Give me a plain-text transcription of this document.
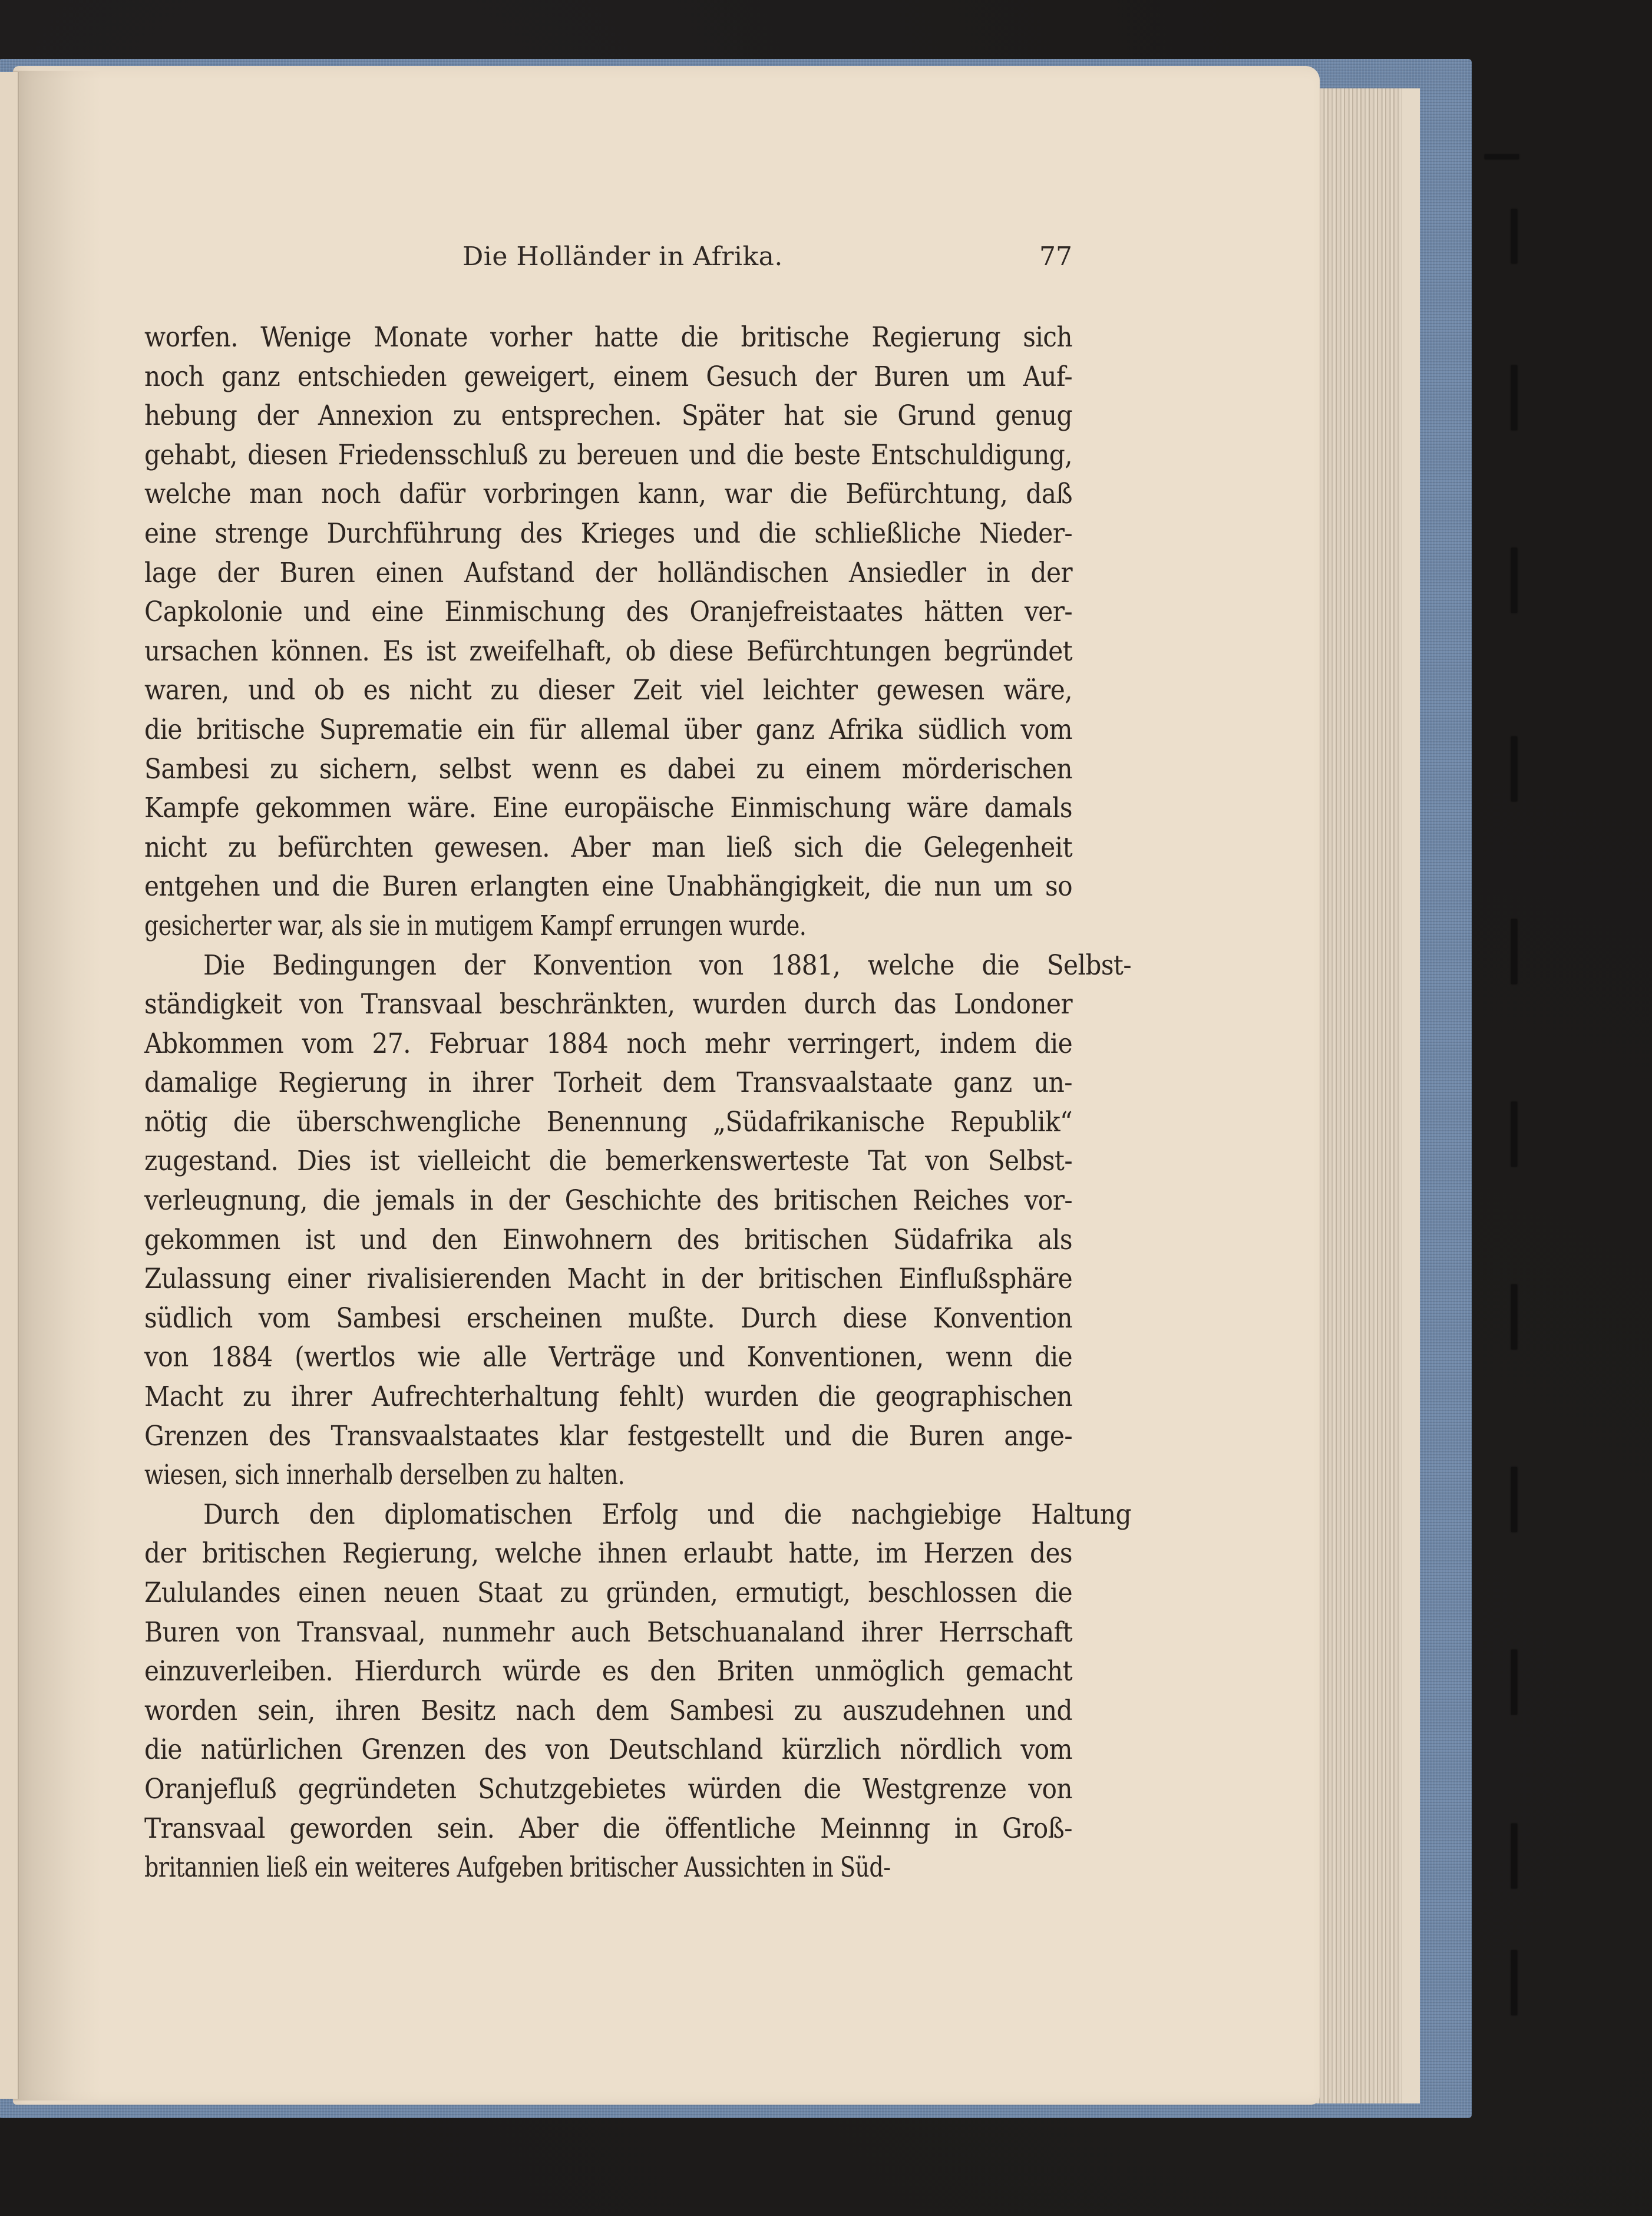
Die Holländer in Afrika.	77
worfen. Wenige Monate vorher hatte die britische Regierung sich
noch ganz entschieden geweigert, einem Gesuch der Buren um Auf-
hebung der Annexion zu entsprechen. Später hat sie Grund genug
gehabt, diesen Friedensschluß zu bereuen und die beste Entschuldigung,
welche man noch dafür vorbringen kann, war die Befürchtung, daß
eine strenge Durchführung des Krieges und die schließliche Nieder-
lage der Buren einen Aufstand der holländischen Ansiedler in der
Capkolonie und eine Einmischung des Oranjefreistaates hätten ver-
ursachen können. Es ist zweifelhaft, ob diese Befürchtungen begründet
waren, und ob es nicht zu dieser Zeit viel leichter gewesen wäre,
die britische Suprematie ein für allemal über ganz Afrika südlich vom
Sambesi zu sichern, selbst wenn es dabei zu einem mörderischen
Kampfe gekommen wäre. Eine europäische Einmischung wäre damals
nicht zu befürchten gewesen. Aber man ließ sich die Gelegenheit
entgehen und die Buren erlangten eine Unabhängigkeit, die nun um so
gesicherter war, als sie in mutigem Kampf errungen wurde.
Die Bedingungen der Konvention von 1881, welche die Selbst-
ständigkeit von Transvaal beschränkten, wurden durch das Londoner
Abkommen vom 27. Februar 1884 noch mehr verringert, indem die
damalige Regierung in ihrer Torheit dem Transvaalstaate ganz un-
nötig die überschwengliche Benennung „Südafrikanische Republik“
zugestand. Dies ist vielleicht die bemerkenswerteste Tat von Selbst-
verleugnung, die jemals in der Geschichte des britischen Reiches vor-
gekommen ist und den Einwohnern des britischen Südafrika als
Zulassung einer rivalisierenden Macht in der britischen Einflußsphäre
südlich vom Sambesi erscheinen mußte. Durch diese Konvention
von 1884 (wertlos wie alle Verträge und Konventionen, wenn die
Macht zu ihrer Aufrechterhaltung fehlt) wurden die geographischen
Grenzen des Transvaalstaates klar festgestellt und die Buren ange-
wiesen, sich innerhalb derselben zu halten.
Durch den diplomatischen Erfolg und die nachgiebige Haltung
der britischen Regierung, welche ihnen erlaubt hatte, im Herzen des
Zululandes einen neuen Staat zu gründen, ermutigt, beschlossen die
Buren von Transvaal, nunmehr auch Betschuanaland ihrer Herrschaft
einzuverleiben. Hierdurch würde es den Briten unmöglich gemacht
worden sein, ihren Besitz nach dem Sambesi zu auszudehnen und
die natürlichen Grenzen des von Deutschland kürzlich nördlich vom
Oranjefluß gegründeten Schutzgebietes würden die Westgrenze von
Transvaal geworden sein. Aber die öffentliche Meinnng in Groß-
britannien ließ ein weiteres Aufgeben britischer Aussichten in Süd-
